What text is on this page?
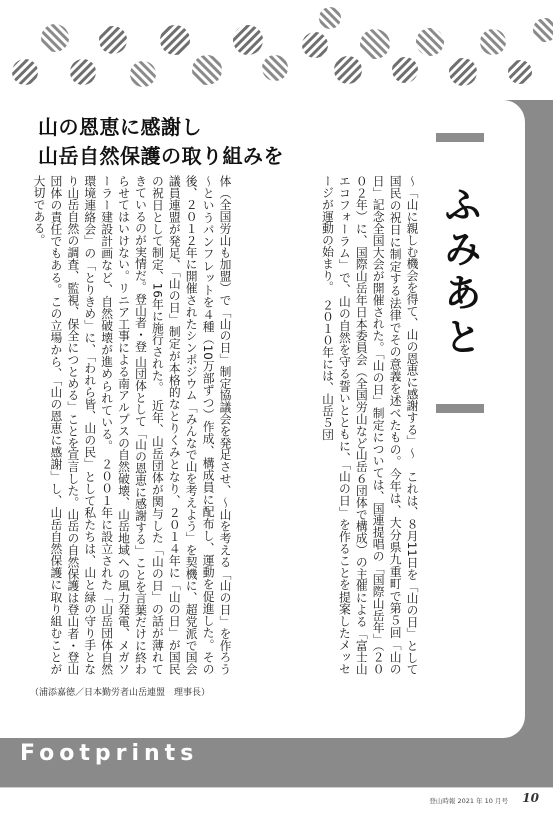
山の恩恵に感謝し
山岳自然保護の取り組みを
ふみあと
～「山に親しむ機会を得て、山の恩恵に感謝する」～　これは、８月11日を「山の日」として国民の祝日に制定する法律でその意義を述べたもの。今年は、大分県九重町で第５回「山の日」記念全国大会が開催された。「山の日」制定については、国連提唱の「国際山岳年」（２００２年）に、国際山岳年日本委員会（全国労山など山岳６団体で構成）の主催による「富士山エコフォーラム」で、山の自然を守る誓いとともに、「山の日」を作ることを提案したメッセージが運動の始まり。　２０１０年には、山岳５団
体（全国労山も加盟）で「山の日」制定協議会を発足させ、～山を考える「山の日」を作ろう～というパンフレットを４種（10万部ずつ）作成、構成員に配布し、運動を促進した。その後、２０１２年に開催されたシンポジウム「みんなで山を考えよう」を契機に、超党派で国会議員連盟が発足、「山の日」制定が本格的なとりくみとなり、２０１４年に「山の日」が国民の祝日として制定、16年に施行された。　近年、山岳団体が関与した「山の日」の話が薄れてきているのが実情だ。登山者・登 山団体として「山の恩恵に感謝する」ことを言葉だけに終わらせてはいけない。リニア工事による南アルプスの自然破壊、山岳地域への風力発電、メガソーラー建設計画など、自然破壊が進められている。　２００１年に設立された「山岳団体自然環境連絡会」の「とりきめ」に、「われら皆、山の民」として私たちは、山と緑の守り手となり山岳自然の調査、監視、保全につとめる」ことを宣言した。山岳の自然保護は登山者・登山団体の責任でもある。この立場から、「山の恩恵に感謝」し、山岳自然保護に取り組むことが大切である。
（浦添嘉徳／日本勤労者山岳連盟　理事長）
Footprints
登山時報 2021 年 10 月号 10
